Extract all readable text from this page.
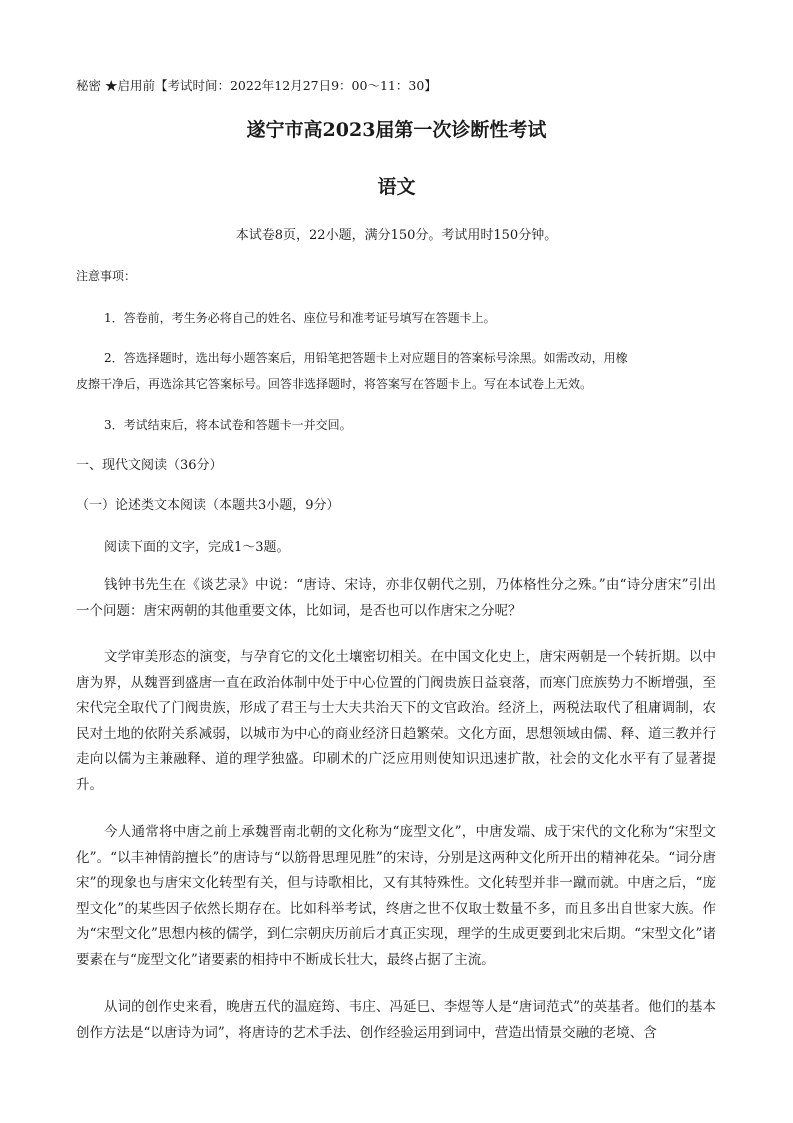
秘密 ★启用前【考试时间：2022年12月27日9：00～11：30】
遂宁市高2023届第一次诊断性考试
语文
本试卷8页，22小题，满分150分。考试用时150分钟。
注意事项：
1．答卷前，考生务必将自己的姓名、座位号和准考证号填写在答题卡上。
2．答选择题时，选出每小题答案后，用铅笔把答题卡上对应题目的答案标号涂黑。如需改动，用橡
皮擦干净后，再选涂其它答案标号。回答非选择题时，将答案写在答题卡上。写在本试卷上无效。
3．考试结束后，将本试卷和答题卡一并交回。
一、现代文阅读（36分）
（一）论述类文本阅读（本题共3小题，9分）
阅读下面的文字，完成1～3题。
钱钟书先生在《谈艺录》中说：“唐诗、宋诗，亦非仅朝代之别，乃体格性分之殊。”由“诗分唐宋”引出一个问题：唐宋两朝的其他重要文体，比如词，是否也可以作唐宋之分呢？
文学审美形态的演变，与孕育它的文化土壤密切相关。在中国文化史上，唐宋两朝是一个转折期。以中唐为界，从魏晋到盛唐一直在政治体制中处于中心位置的门阀贵族日益衰落，而寒门庶族势力不断增强，至宋代完全取代了门阀贵族，形成了君王与士大夫共治天下的文官政治。经济上，两税法取代了租庸调制，农民对土地的依附关系减弱，以城市为中心的商业经济日趋繁荣。文化方面，思想领域由儒、释、道三教并行走向以儒为主兼融释、道的理学独盛。印刷术的广泛应用则使知识迅速扩散，社会的文化水平有了显著提升。
今人通常将中唐之前上承魏晋南北朝的文化称为“庞型文化”，中唐发端、成于宋代的文化称为“宋型文化”。“以丰神情韵擅长”的唐诗与“以筋骨思理见胜”的宋诗，分别是这两种文化所开出的精神花朵。“词分唐宋”的现象也与唐宋文化转型有关，但与诗歌相比，又有其特殊性。文化转型并非一蹴而就。中唐之后，“庞型文化”的某些因子依然长期存在。比如科举考试，终唐之世不仅取士数量不多，而且多出自世家大族。作为“宋型文化”思想内核的儒学，到仁宗朝庆历前后才真正实现，理学的生成更要到北宋后期。“宋型文化”诸要素在与“庞型文化”诸要素的相持中不断成长壮大，最终占据了主流。
从词的创作史来看，晚唐五代的温庭筠、韦庄、冯延巳、李煜等人是“唐词范式”的英基者。他们的基本创作方法是“以唐诗为词”，将唐诗的艺术手法、创作经验运用到词中，营造出情景交融的老境、含
